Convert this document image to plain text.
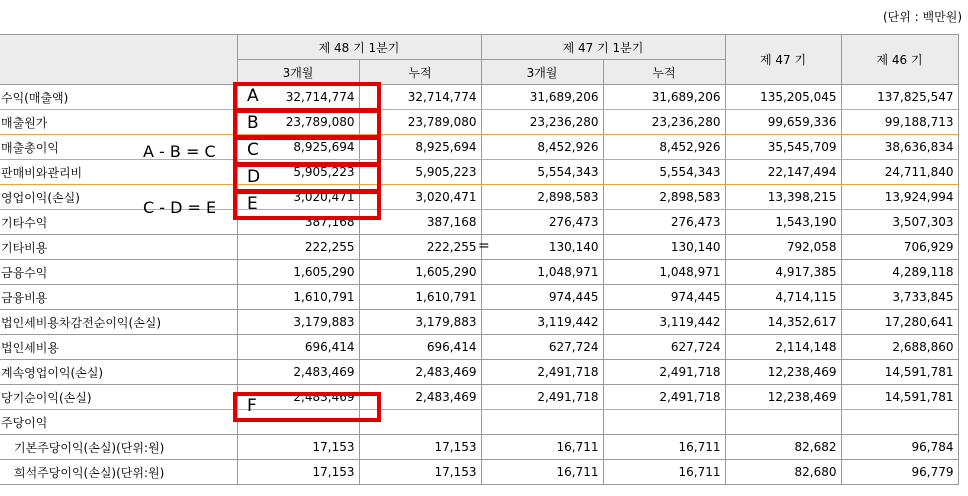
(단위 : 백만원)
	제 48 기 1분기		제 47 기 1분기		제 47 기	제 46 기
	3개월	누적	3개월	누적		
수익(매출액)	32,714,774	32,714,774	31,689,206	31,689,206	135,205,045	137,825,547
매출원가	23,789,080	23,789,080	23,236,280	23,236,280	99,659,336	99,188,713
매출총이익	8,925,694	8,925,694	8,452,926	8,452,926	35,545,709	38,636,834
판매비와관리비	5,905,223	5,905,223	5,554,343	5,554,343	22,147,494	24,711,840
영업이익(손실)	3,020,471	3,020,471	2,898,583	2,898,583	13,398,215	13,924,994
기타수익	387,168	387,168	276,473	276,473	1,543,190	3,507,303
기타비용	222,255	222,255	130,140	130,140	792,058	706,929
금융수익	1,605,290	1,605,290	1,048,971	1,048,971	4,917,385	4,289,118
금융비용	1,610,791	1,610,791	974,445	974,445	4,714,115	3,733,845
법인세비용차감전순이익(손실)	3,179,883	3,179,883	3,119,442	3,119,442	14,352,617	17,280,641
법인세비용	696,414	696,414	627,724	627,724	2,114,148	2,688,860
계속영업이익(손실)	2,483,469	2,483,469	2,491,718	2,491,718	12,238,469	14,591,781
당기순이익(손실)	2,483,469	2,483,469	2,491,718	2,491,718	12,238,469	14,591,781
주당이익						
기본주당이익(손실)(단위:원)	17,153	17,153	16,711	16,711	82,682	96,784
희석주당이익(손실)(단위:원)	17,153	17,153	16,711	16,711	82,680	96,779
A
B
C
D
E
F
A - B = C
C - D = E
=
